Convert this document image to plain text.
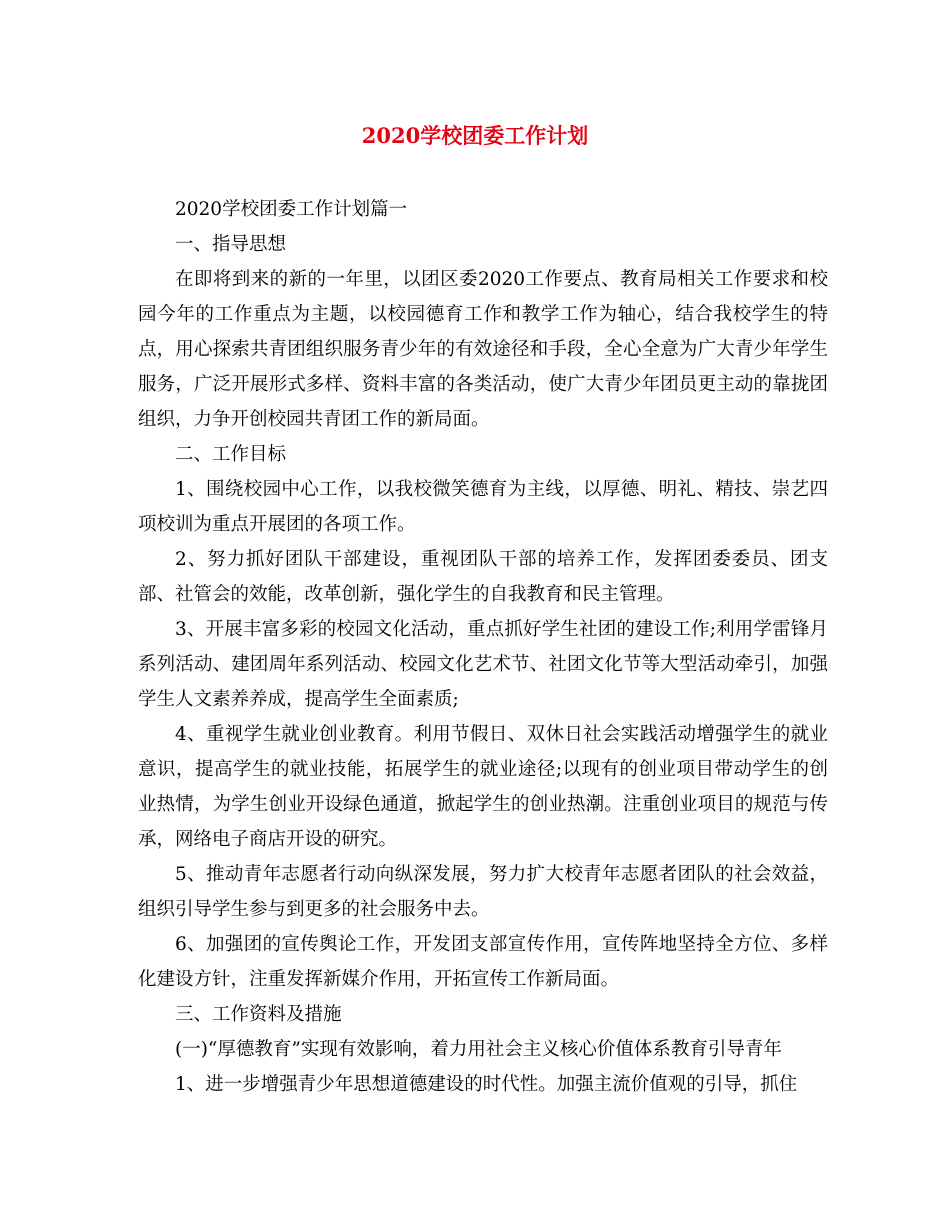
2020学校团委工作计划

2020学校团委工作计划篇一

一、指导思想

在即将到来的新的一年里，以团区委2020工作要点、教育局相关工作要求和校园今年的工作重点为主题，以校园德育工作和教学工作为轴心，结合我校学生的特点，用心探索共青团组织服务青少年的有效途径和手段，全心全意为广大青少年学生服务，广泛开展形式多样、资料丰富的各类活动，使广大青少年团员更主动的靠拢团组织，力争开创校园共青团工作的新局面。

二、工作目标

1、围绕校园中心工作，以我校微笑德育为主线，以厚德、明礼、精技、崇艺四项校训为重点开展团的各项工作。

2、努力抓好团队干部建设，重视团队干部的培养工作，发挥团委委员、团支部、社管会的效能，改革创新，强化学生的自我教育和民主管理。

3、开展丰富多彩的校园文化活动，重点抓好学生社团的建设工作;利用学雷锋月系列活动、建团周年系列活动、校园文化艺术节、社团文化节等大型活动牵引，加强学生人文素养养成，提高学生全面素质;

4、重视学生就业创业教育。利用节假日、双休日社会实践活动增强学生的就业意识，提高学生的就业技能，拓展学生的就业途径;以现有的创业项目带动学生的创业热情，为学生创业开设绿色通道，掀起学生的创业热潮。注重创业项目的规范与传承，网络电子商店开设的研究。

5、推动青年志愿者行动向纵深发展，努力扩大校青年志愿者团队的社会效益，组织引导学生参与到更多的社会服务中去。

6、加强团的宣传舆论工作，开发团支部宣传作用，宣传阵地坚持全方位、多样化建设方针，注重发挥新媒介作用，开拓宣传工作新局面。

三、工作资料及措施

(一)“厚德教育”实现有效影响，着力用社会主义核心价值体系教育引导青年

1、进一步增强青少年思想道德建设的时代性。加强主流价值观的引导，抓住
